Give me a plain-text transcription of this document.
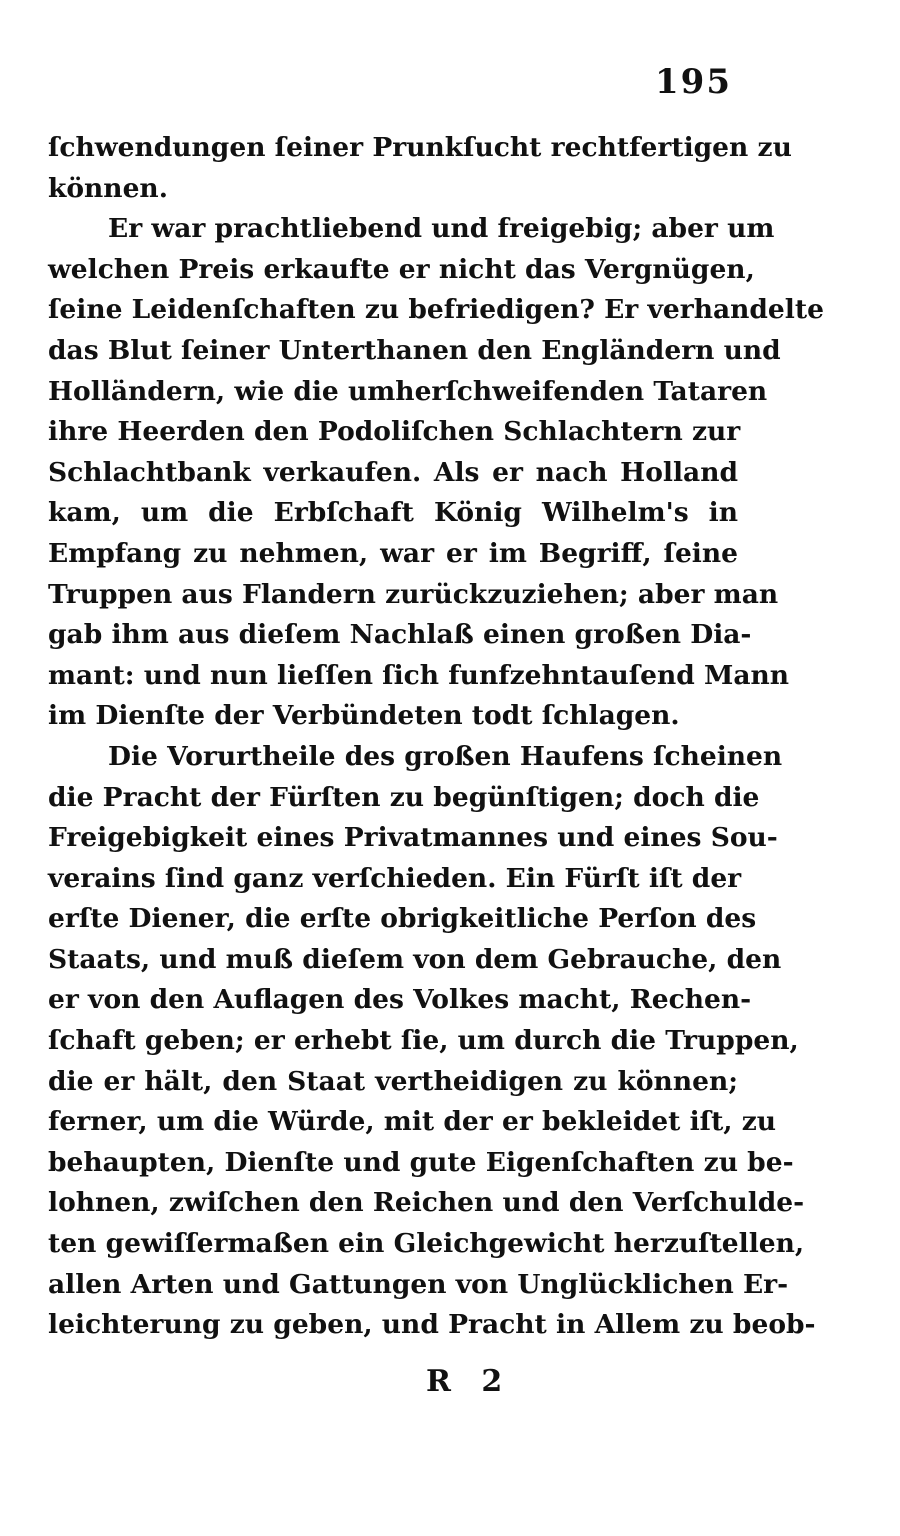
195
ſchwendungen ſeiner Prunkſucht rechtfertigen zu
können.
Er war prachtliebend und freigebig; aber um
welchen Preis erkaufte er nicht das Vergnügen,
ſeine Leidenſchaften zu befriedigen? Er verhandelte
das Blut ſeiner Unterthanen den Engländern und
Holländern, wie die umherſchweifenden Tataren
ihre Heerden den Podoliſchen Schlachtern zur
Schlachtbank verkaufen. Als er nach Holland
kam, um die Erbſchaft König Wilhelm's in
Empfang zu nehmen, war er im Begriff, ſeine
Truppen aus Flandern zurückzuziehen; aber man
gab ihm aus dieſem Nachlaß einen großen Dia-
mant: und nun lieſſen ſich funfzehntauſend Mann
im Dienſte der Verbündeten todt ſchlagen.
Die Vorurtheile des großen Haufens ſcheinen
die Pracht der Fürſten zu begünſtigen; doch die
Freigebigkeit eines Privatmannes und eines Sou-
verains ſind ganz verſchieden. Ein Fürſt iſt der
erſte Diener, die erſte obrigkeitliche Perſon des
Staats, und muß dieſem von dem Gebrauche, den
er von den Auflagen des Volkes macht, Rechen-
ſchaft geben; er erhebt ſie, um durch die Truppen,
die er hält, den Staat vertheidigen zu können;
ferner, um die Würde, mit der er bekleidet iſt, zu
behaupten, Dienſte und gute Eigenſchaften zu be-
lohnen, zwiſchen den Reichen und den Verſchulde-
ten gewiſſermaßen ein Gleichgewicht herzuſtellen,
allen Arten und Gattungen von Unglücklichen Er-
leichterung zu geben, und Pracht in Allem zu beob-
R 2
